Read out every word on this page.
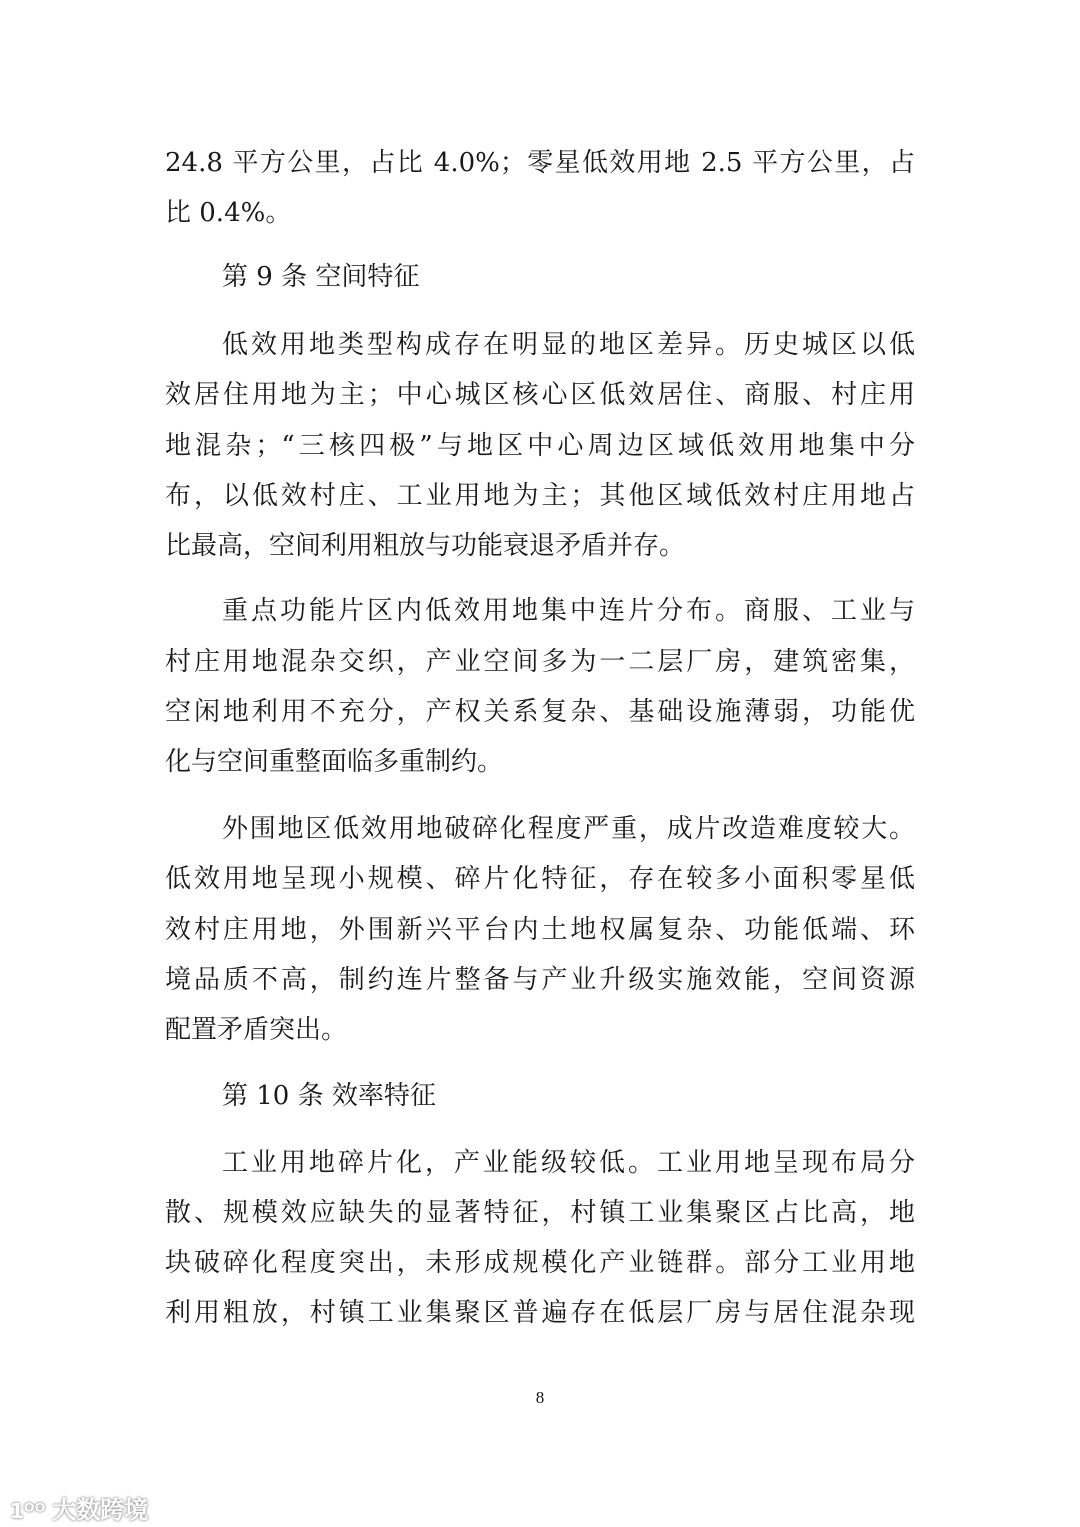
24.8 平方公里，占比 4.0%；零星低效用地 2.5 平方公里，占
比 0.4%。
第 9 条 空间特征
低效用地类型构成存在明显的地区差异。历史城区以低
效居住用地为主；中心城区核心区低效居住、商服、村庄用
地混杂；“三核四极”与地区中心周边区域低效用地集中分
布，以低效村庄、工业用地为主；其他区域低效村庄用地占
比最高，空间利用粗放与功能衰退矛盾并存。
重点功能片区内低效用地集中连片分布。商服、工业与
村庄用地混杂交织，产业空间多为一二层厂房，建筑密集，
空闲地利用不充分，产权关系复杂、基础设施薄弱，功能优
化与空间重整面临多重制约。
外围地区低效用地破碎化程度严重，成片改造难度较大。
低效用地呈现小规模、碎片化特征，存在较多小面积零星低
效村庄用地，外围新兴平台内土地权属复杂、功能低端、环
境品质不高，制约连片整备与产业升级实施效能，空间资源
配置矛盾突出。
第 10 条 效率特征
工业用地碎片化，产业能级较低。工业用地呈现布局分
散、规模效应缺失的显著特征，村镇工业集聚区占比高，地
块破碎化程度突出，未形成规模化产业链群。部分工业用地
利用粗放，村镇工业集聚区普遍存在低层厂房与居住混杂现
8
1ᴼᴼ 大数跨境
